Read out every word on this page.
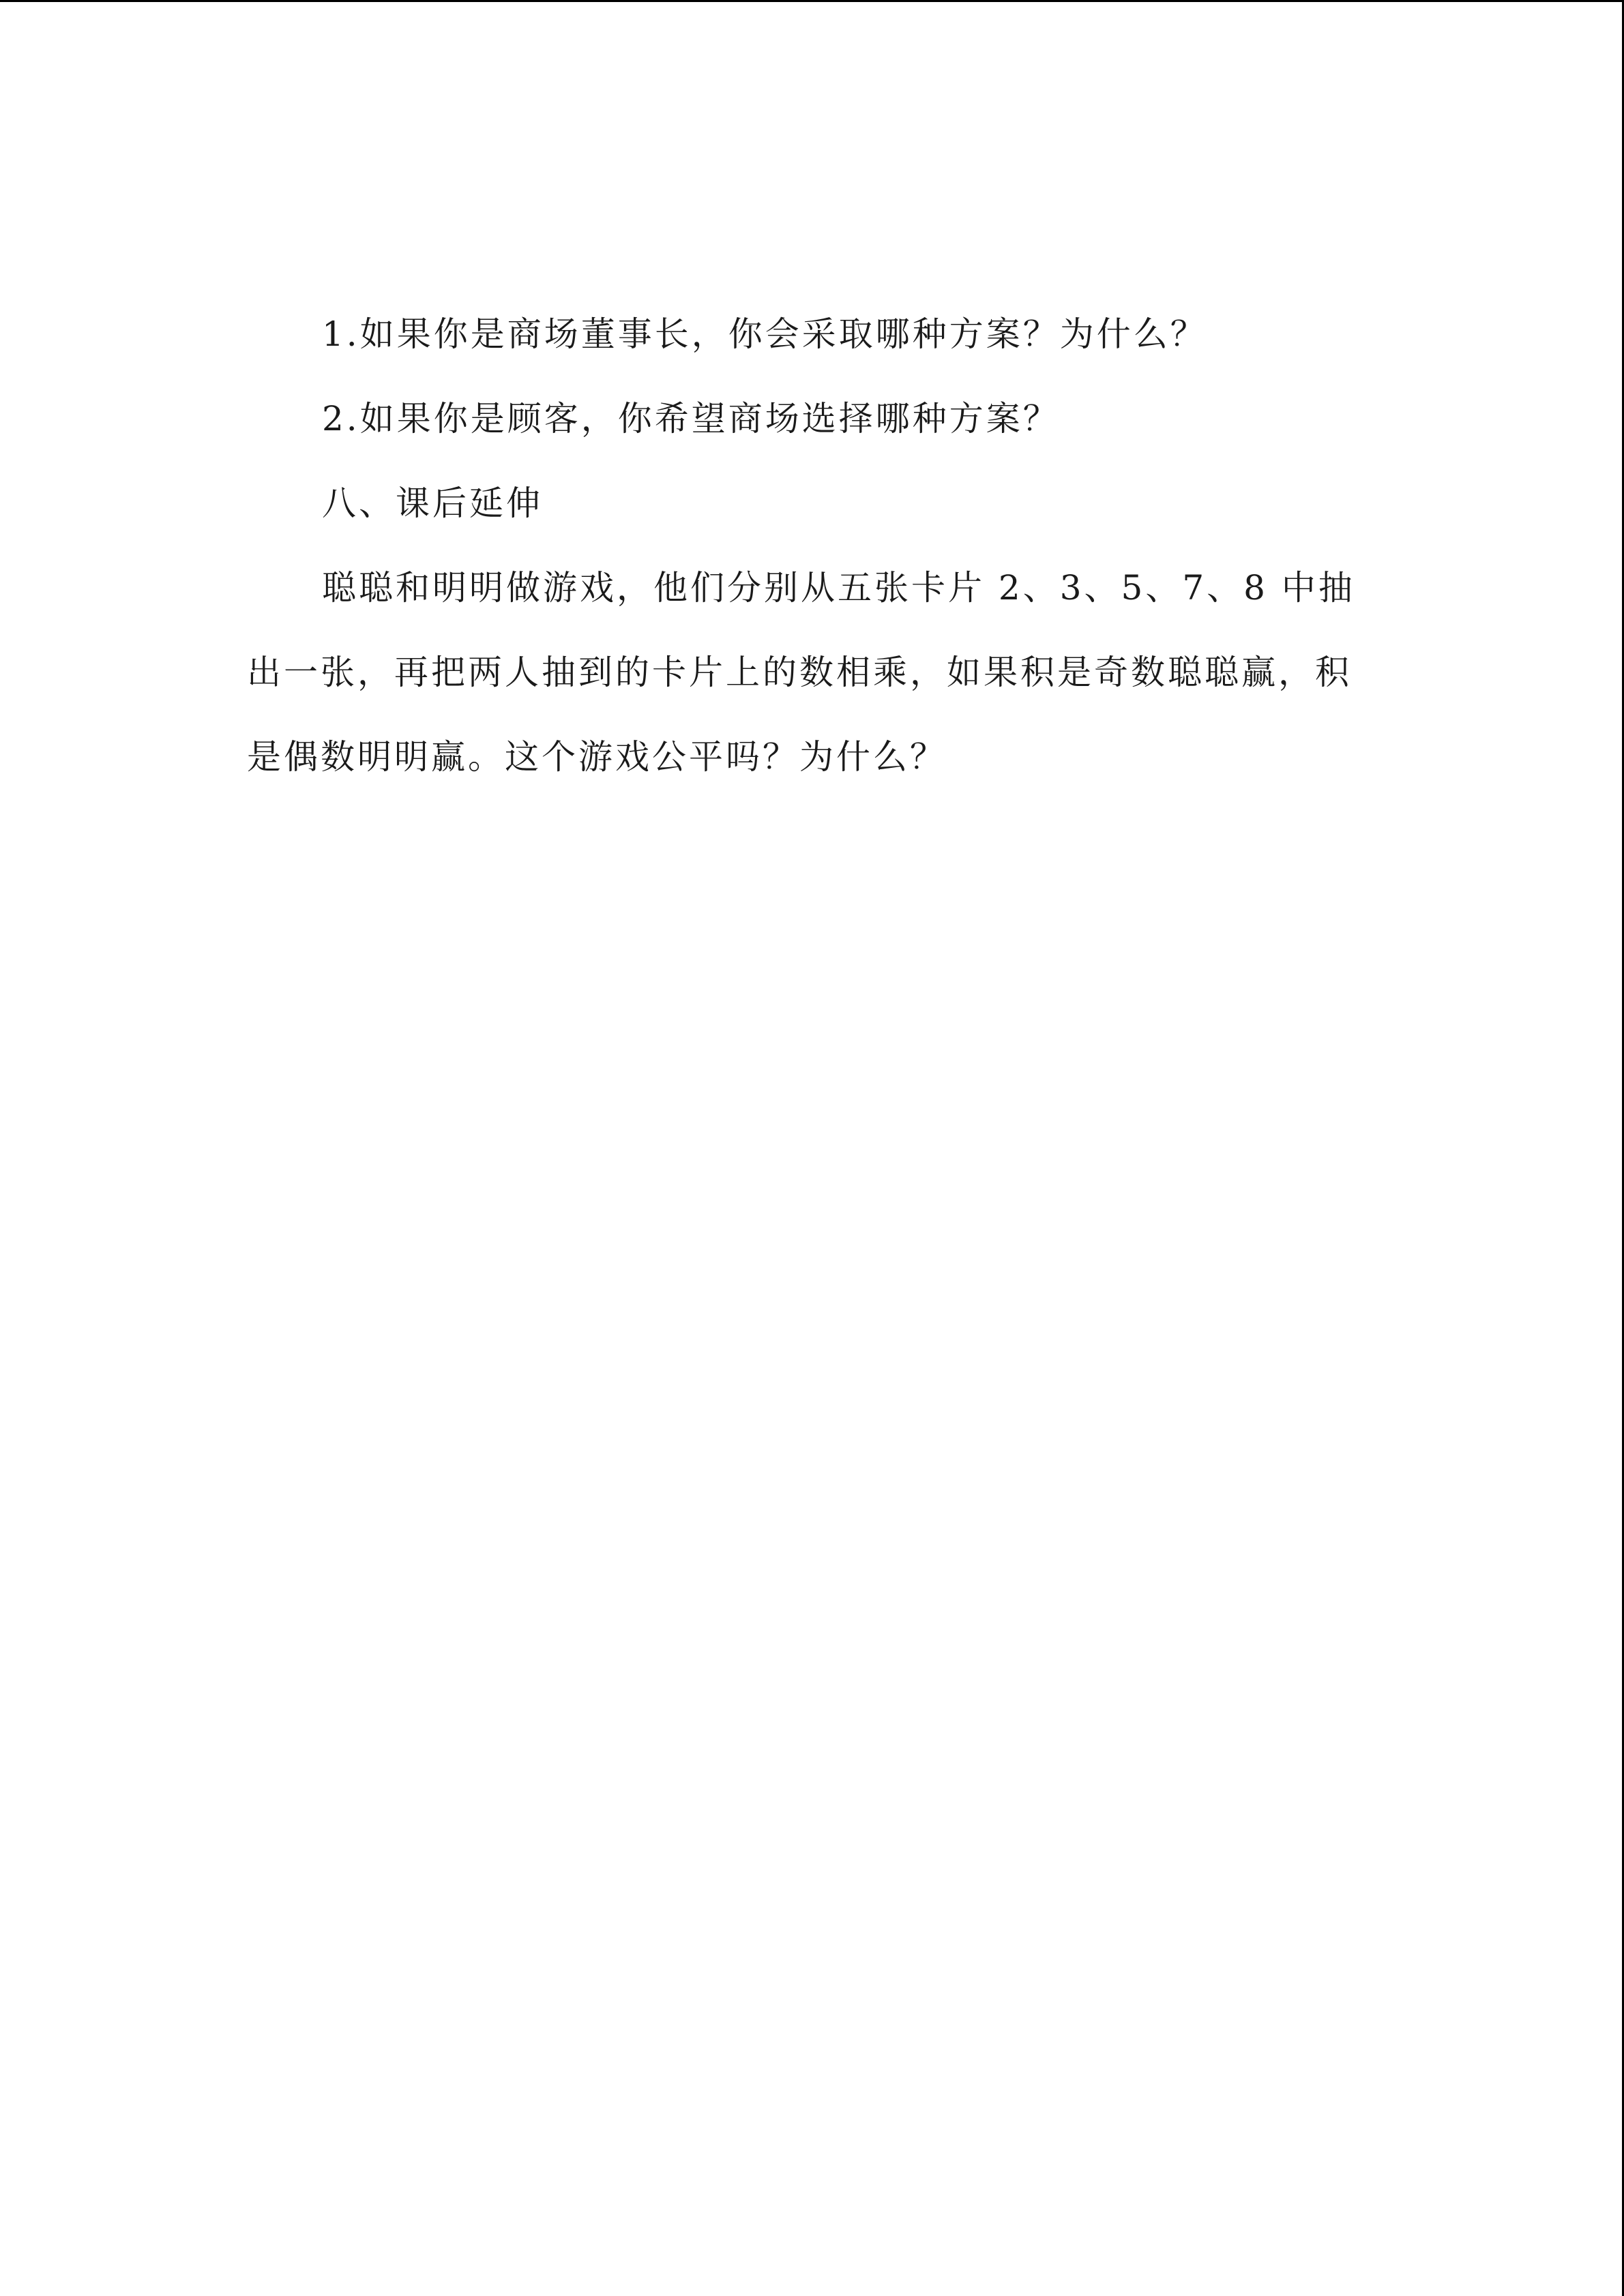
1.如果你是商场董事长，你会采取哪种方案？为什么？

2.如果你是顾客，你希望商场选择哪种方案？

八、课后延伸

聪聪和明明做游戏，他们分别从五张卡片 2、3、5、7、8 中抽出一张，再把两人抽到的卡片上的数相乘，如果积是奇数聪聪赢，积是偶数明明赢。这个游戏公平吗？为什么？
